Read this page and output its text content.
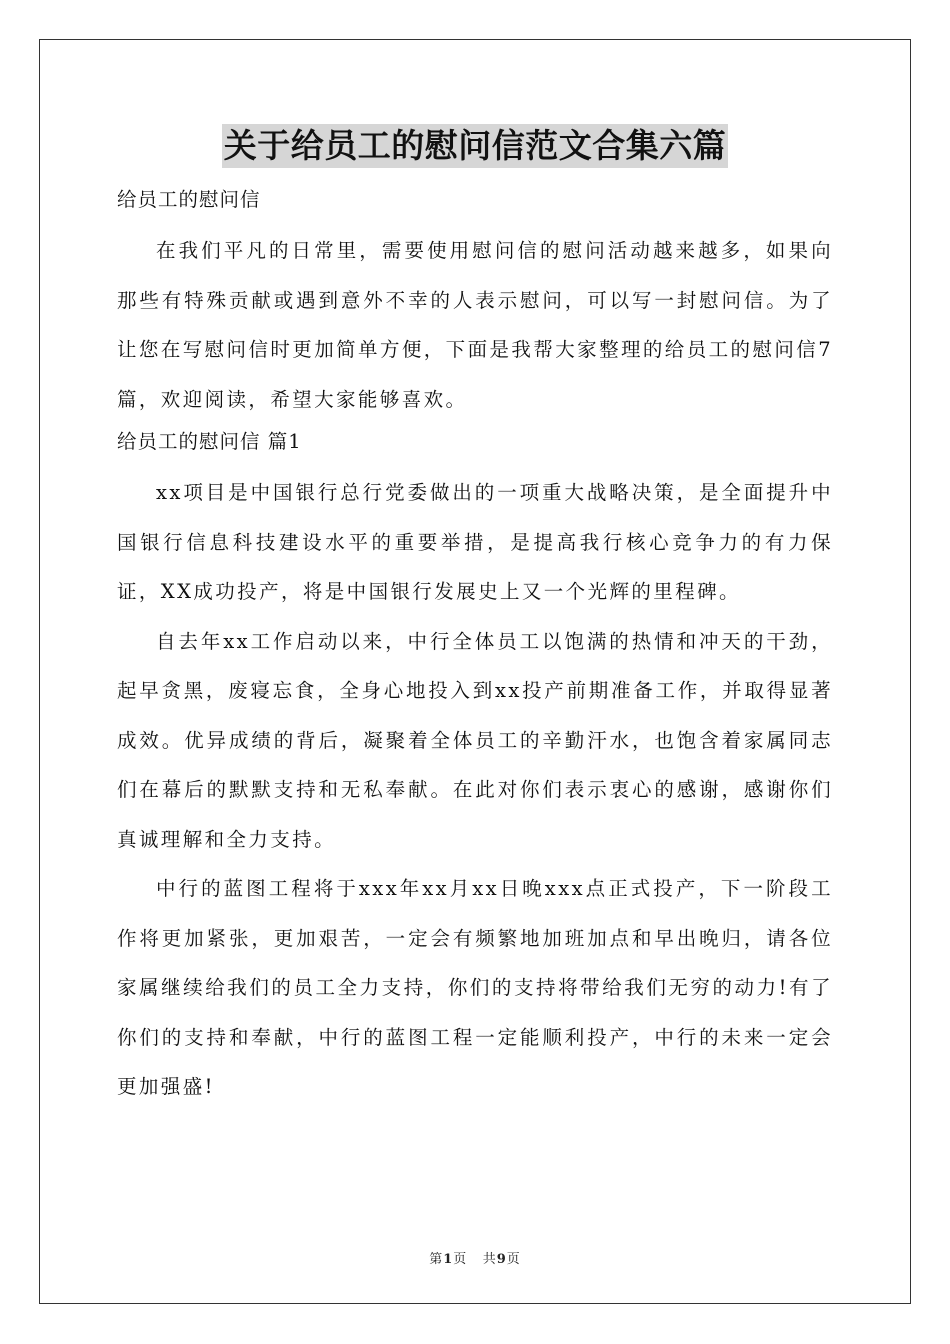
关于给员工的慰问信范文合集六篇
给员工的慰问信

在我们平凡的日常里，需要使用慰问信的慰问活动越来越多，如果向那些有特殊贡献或遇到意外不幸的人表示慰问，可以写一封慰问信。为了让您在写慰问信时更加简单方便，下面是我帮大家整理的给员工的慰问信7篇，欢迎阅读，希望大家能够喜欢。

给员工的慰问信 篇1

xx项目是中国银行总行党委做出的一项重大战略决策，是全面提升中国银行信息科技建设水平的重要举措，是提高我行核心竞争力的有力保证，XX成功投产，将是中国银行发展史上又一个光辉的里程碑。

自去年xx工作启动以来，中行全体员工以饱满的热情和冲天的干劲，起早贪黑，废寝忘食，全身心地投入到xx投产前期准备工作，并取得显著成效。优异成绩的背后，凝聚着全体员工的辛勤汗水，也饱含着家属同志们在幕后的默默支持和无私奉献。在此对你们表示衷心的感谢，感谢你们真诚理解和全力支持。

中行的蓝图工程将于xxx年xx月xx日晚xxx点正式投产，下一阶段工作将更加紧张，更加艰苦，一定会有频繁地加班加点和早出晚归，请各位家属继续给我们的员工全力支持，你们的支持将带给我们无穷的动力!有了你们的支持和奉献，中行的蓝图工程一定能顺利投产，中行的未来一定会更加强盛!

第1页 共9页
